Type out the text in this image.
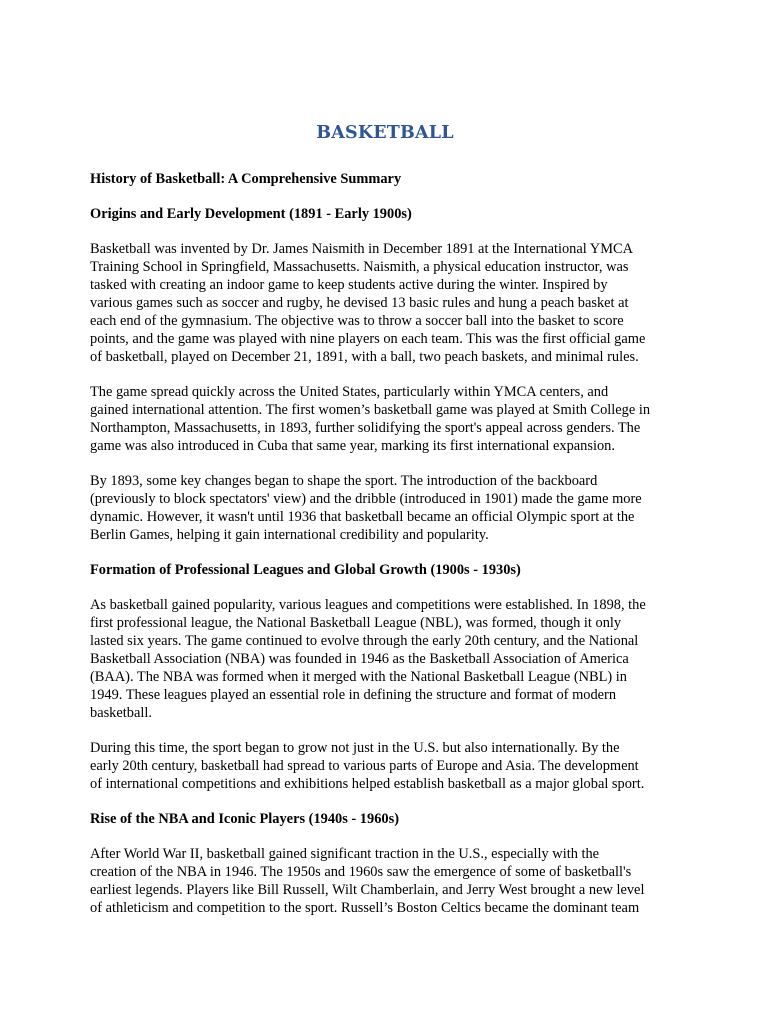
BASKETBALL
History of Basketball: A Comprehensive Summary
Origins and Early Development (1891 - Early 1900s)
Basketball was invented by Dr. James Naismith in December 1891 at the International YMCA
Training School in Springfield, Massachusetts. Naismith, a physical education instructor, was
tasked with creating an indoor game to keep students active during the winter. Inspired by
various games such as soccer and rugby, he devised 13 basic rules and hung a peach basket at
each end of the gymnasium. The objective was to throw a soccer ball into the basket to score
points, and the game was played with nine players on each team. This was the first official game
of basketball, played on December 21, 1891, with a ball, two peach baskets, and minimal rules.
The game spread quickly across the United States, particularly within YMCA centers, and
gained international attention. The first women’s basketball game was played at Smith College in
Northampton, Massachusetts, in 1893, further solidifying the sport's appeal across genders. The
game was also introduced in Cuba that same year, marking its first international expansion.
By 1893, some key changes began to shape the sport. The introduction of the backboard
(previously to block spectators' view) and the dribble (introduced in 1901) made the game more
dynamic. However, it wasn't until 1936 that basketball became an official Olympic sport at the
Berlin Games, helping it gain international credibility and popularity.
Formation of Professional Leagues and Global Growth (1900s - 1930s)
As basketball gained popularity, various leagues and competitions were established. In 1898, the
first professional league, the National Basketball League (NBL), was formed, though it only
lasted six years. The game continued to evolve through the early 20th century, and the National
Basketball Association (NBA) was founded in 1946 as the Basketball Association of America
(BAA). The NBA was formed when it merged with the National Basketball League (NBL) in
1949. These leagues played an essential role in defining the structure and format of modern
basketball.
During this time, the sport began to grow not just in the U.S. but also internationally. By the
early 20th century, basketball had spread to various parts of Europe and Asia. The development
of international competitions and exhibitions helped establish basketball as a major global sport.
Rise of the NBA and Iconic Players (1940s - 1960s)
After World War II, basketball gained significant traction in the U.S., especially with the
creation of the NBA in 1946. The 1950s and 1960s saw the emergence of some of basketball's
earliest legends. Players like Bill Russell, Wilt Chamberlain, and Jerry West brought a new level
of athleticism and competition to the sport. Russell’s Boston Celtics became the dominant team
